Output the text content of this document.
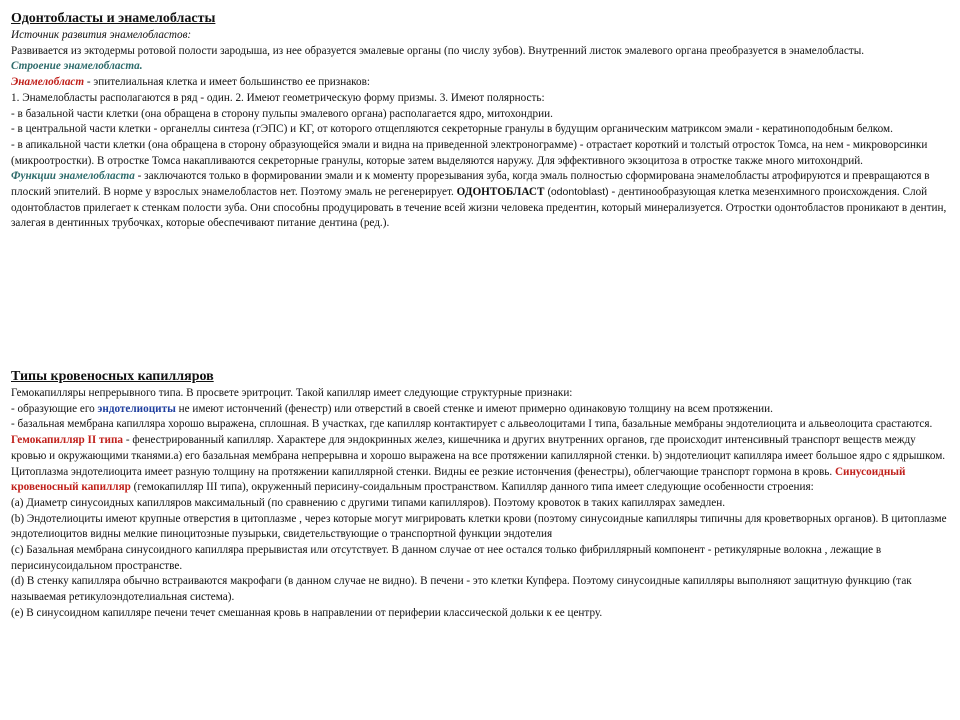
Одонтобласты и энамелобласты
Источник развития энамелобластов:
Развивается из эктодермы ротовой полости зародыша, из нее образуется эмалевые органы (по числу зубов). Внутренний листок эмалевого органа преобразуется в энамелобласты.
Строение энамелобласта.
Энамелобласт - эпителиальная клетка и имеет большинство ее признаков:
1. Энамелобласты располагаются в ряд - один. 2. Имеют геометрическую форму призмы. 3. Имеют полярность:
- в базальной части клетки (она обращена в сторону пульпы эмалевого органа) располагается ядро, митохондрии.
- в центральной части клетки - органеллы синтеза (гЭПС) и КГ, от которого отщепляются секреторные гранулы в будущим органическим матриксом эмали - кератиноподобным белком.
- в апикальной части клетки (она обращена в сторону образующейся эмали и видна на приведенной электронограмме) - отрастает короткий и толстый отросток Томса, на нем - микроворсинки (микроотростки). В отростке Томса накапливаются секреторные гранулы, которые затем выделяются наружу. Для эффективного экзоцитоза в отростке также много митохондрий.
Функции энамелобласта - заключаются только в формировании эмали и к моменту прорезывания зуба, когда эмаль полностью сформирована энамелобласты атрофируются и превращаются в плоский эпителий. В норме у взрослых энамелобластов нет. Поэтому эмаль не регенерирует. ОДОНТОБЛАСТ (odontoblast) - дентинообразующая клетка мезенхимного происхождения. Слой одонтобластов прилегает к стенкам полости зуба. Они способны продуцировать в течение всей жизни человека предентин, который минерализуется. Отростки одонтобластов проникают в дентин, залегая в дентинных трубочках, которые обеспечивают питание дентина (ред.).
Типы кровеносных капилляров
Гемокапилляры непрерывного типа. В просвете эритроцит. Такой капилляр имеет следующие структурные признаки:
- образующие его эндотелиоциты не имеют истончений (фенестр) или отверстий в своей стенке и имеют примерно одинаковую толщину на всем протяжении.
- базальная мембрана капилляра хорошо выражена, сплошная. В участках, где капилляр контактирует с альвеолоцитами I типа, базальные мембраны эндотелиоцита и альвеолоцита срастаются. Гемокапилляр II типа - фенестрированный капилляр. Характере для эндокринных желез, кишечника и других внутренних органов, где происходит интенсивный транспорт веществ между кровью и окружающими тканями.a) его базальная мембрана непрерывна и хорошо выражена на все протяжении капиллярной стенки. b) эндотелиоцит капилляра имеет большое ядро с ядрышком. Цитоплазма эндотелиоцита имеет разную толщину на протяжении капиллярной стенки. Видны ее резкие истончения (фенестры), облегчающие транспорт гормона в кровь. Синусоидный кровеносный капилляр (гемокапилляр III типа), окруженный перисину-соидальным пространством. Капилляр данного типа имеет следующие особенности строения:
(a) Диаметр синусоидных капилляров максимальный (по сравнению с другими типами капилляров). Поэтому кровоток в таких капиллярах замедлен.
(b) Эндотелиоциты имеют крупные отверстия в цитоплазме , через которые могут мигрировать клетки крови (поэтому синусоидные капилляры типичны для кроветворных органов). В цитоплазме эндотелиоцитов видны мелкие пиноцитозные пузырьки, свидетельствующие о транспортной функции эндотелия
(c) Базальная мембрана синусоидного капилляра прерывистая или отсутствует. В данном случае от нее остался только фибриллярный компонент - ретикулярные волокна , лежащие в перисинусоидальном пространстве.
(d) В стенку капилляра обычно встраиваются макрофаги (в данном случае не видно). В печени - это клетки Купфера. Поэтому синусоидные капилляры выполняют защитную функцию (так называемая ретикулоэндотелиальная система).
(e) В синусоидном капилляре печени течет смешанная кровь в направлении от периферии классической дольки к ее центру.
